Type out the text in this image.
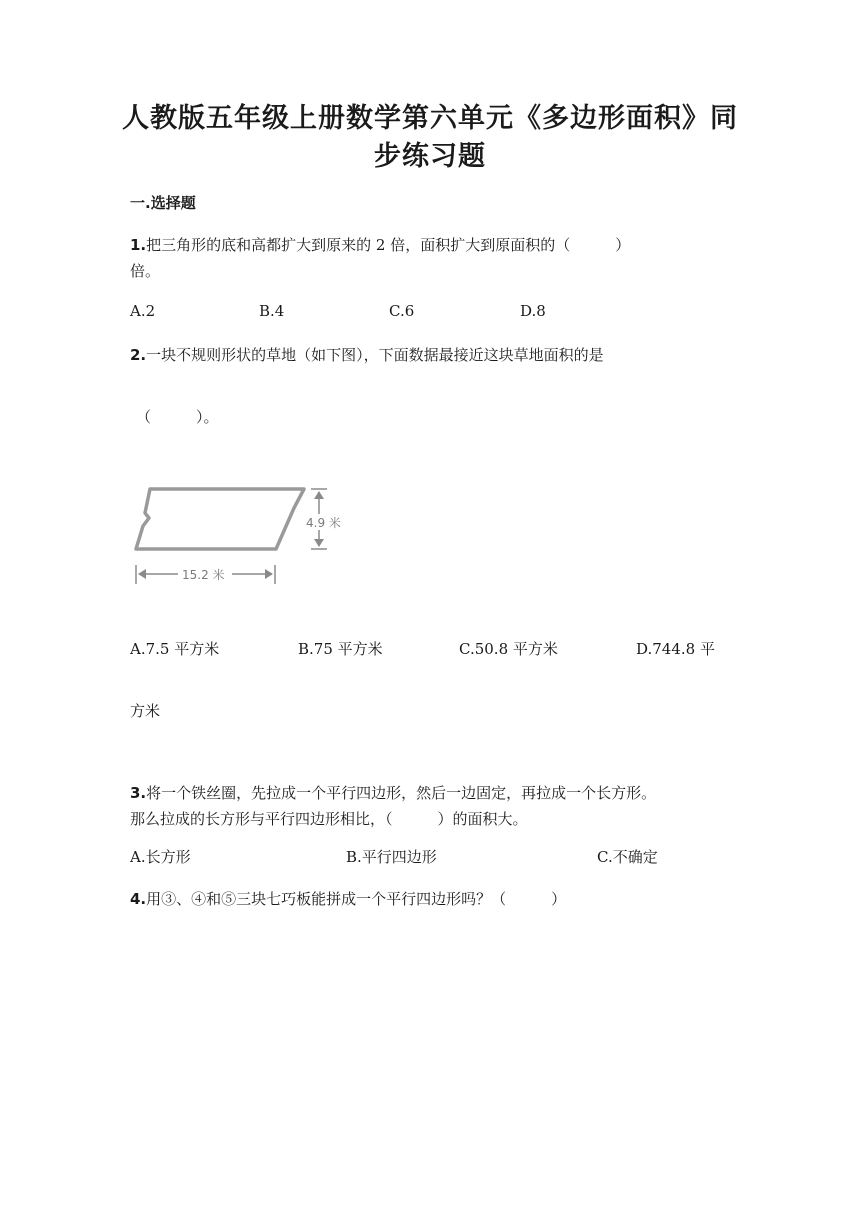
人教版五年级上册数学第六单元《多边形面积》同
步练习题
一.选择题
1.把三角形的底和高都扩大到原来的 2 倍，面积扩大到原面积的（　　　）
倍。
A.2	B.4	C.6	D.8
2.一块不规则形状的草地（如下图），下面数据最接近这块草地面积的是
（　　　）。
4.9 米
15.2 米
A.7.5 平方米	B.75 平方米	C.50.8 平方米	D.744.8 平
方米
3.将一个铁丝圈，先拉成一个平行四边形，然后一边固定，再拉成一个长方形。
那么拉成的长方形与平行四边形相比，（　　　）的面积大。
A.长方形	B.平行四边形	C.不确定
4.用③、④和⑤三块七巧板能拼成一个平行四边形吗？（　　　）
